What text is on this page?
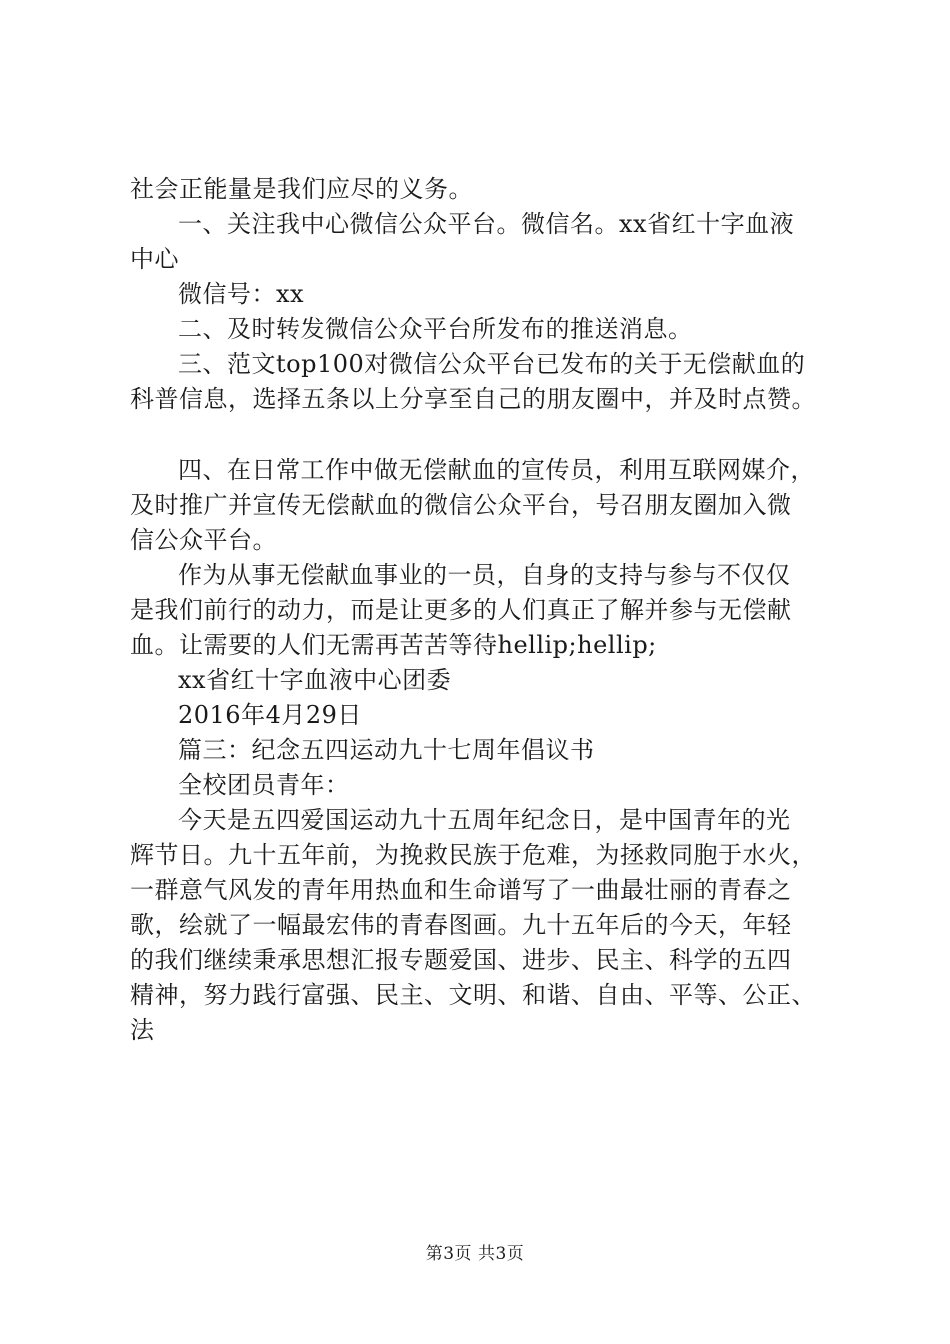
社会正能量是我们应尽的义务。
一、关注我中心微信公众平台。微信名。xx省红十字血液
中心
微信号：xx
二、及时转发微信公众平台所发布的推送消息。
三、范文top100对微信公众平台已发布的关于无偿献血的
科普信息，选择五条以上分享至自己的朋友圈中，并及时点赞。
四、在日常工作中做无偿献血的宣传员，利用互联网媒介，
及时推广并宣传无偿献血的微信公众平台，号召朋友圈加入微
信公众平台。
作为从事无偿献血事业的一员，自身的支持与参与不仅仅
是我们前行的动力，而是让更多的人们真正了解并参与无偿献
血。让需要的人们无需再苦苦等待hellip;hellip;
xx省红十字血液中心团委
2016年4月29日
篇三：纪念五四运动九十七周年倡议书
全校团员青年：
今天是五四爱国运动九十五周年纪念日，是中国青年的光
辉节日。九十五年前，为挽救民族于危难，为拯救同胞于水火，
一群意气风发的青年用热血和生命谱写了一曲最壮丽的青春之
歌，绘就了一幅最宏伟的青春图画。九十五年后的今天，年轻
的我们继续秉承思想汇报专题爱国、进步、民主、科学的五四
精神，努力践行富强、民主、文明、和谐、自由、平等、公正、
法
第3页 共3页
